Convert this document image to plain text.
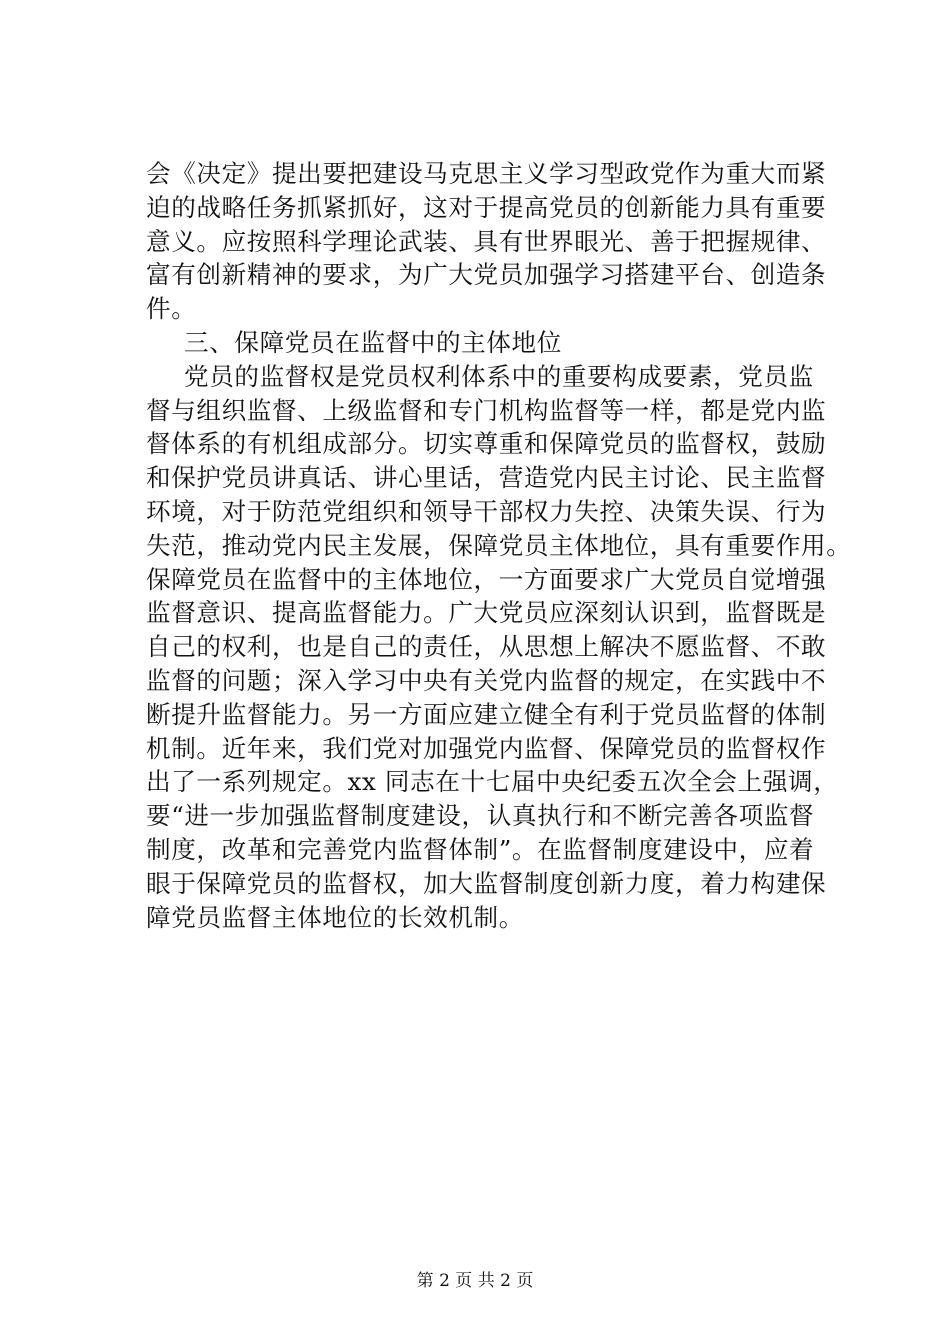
会《决定》提出要把建设马克思主义学习型政党作为重大而紧
迫的战略任务抓紧抓好，这对于提高党员的创新能力具有重要
意义。应按照科学理论武装、具有世界眼光、善于把握规律、
富有创新精神的要求，为广大党员加强学习搭建平台、创造条
件。
三、保障党员在监督中的主体地位
党员的监督权是党员权利体系中的重要构成要素，党员监
督与组织监督、上级监督和专门机构监督等一样，都是党内监
督体系的有机组成部分。切实尊重和保障党员的监督权，鼓励
和保护党员讲真话、讲心里话，营造党内民主讨论、民主监督
环境，对于防范党组织和领导干部权力失控、决策失误、行为
失范，推动党内民主发展，保障党员主体地位，具有重要作用。
保障党员在监督中的主体地位，一方面要求广大党员自觉增强
监督意识、提高监督能力。广大党员应深刻认识到，监督既是
自己的权利，也是自己的责任，从思想上解决不愿监督、不敢
监督的问题；深入学习中央有关党内监督的规定，在实践中不
断提升监督能力。另一方面应建立健全有利于党员监督的体制
机制。近年来，我们党对加强党内监督、保障党员的监督权作
出了一系列规定。xx 同志在十七届中央纪委五次全会上强调，
要“进一步加强监督制度建设，认真执行和不断完善各项监督
制度，改革和完善党内监督体制”。在监督制度建设中，应着
眼于保障党员的监督权，加大监督制度创新力度，着力构建保
障党员监督主体地位的长效机制。
第 2 页 共 2 页
